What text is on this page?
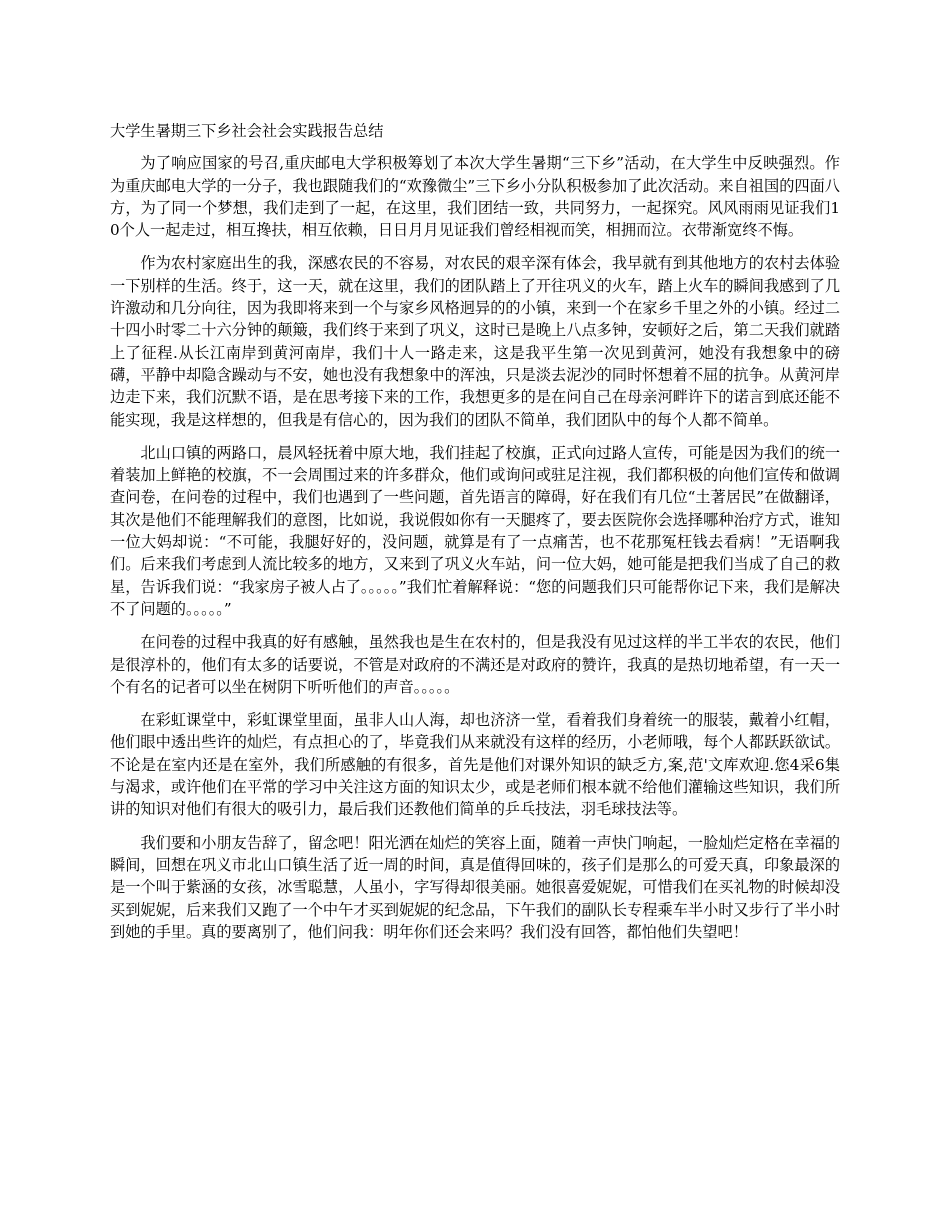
大学生暑期三下乡社会社会实践报告总结

为了响应国家的号召,重庆邮电大学积极筹划了本次大学生暑期“三下乡”活动，在大学生中反映强烈。作为重庆邮电大学的一分子，我也跟随我们的“欢豫微尘”三下乡小分队积极参加了此次活动。来自祖国的四面八方，为了同一个梦想，我们走到了一起，在这里，我们团结一致，共同努力，一起探究。风风雨雨见证我们10个人一起走过，相互搀扶，相互依赖，日日月月见证我们曾经相视而笑，相拥而泣。衣带渐宽终不悔。

作为农村家庭出生的我，深感农民的不容易，对农民的艰辛深有体会，我早就有到其他地方的农村去体验一下别样的生活。终于，这一天，就在这里，我们的团队踏上了开往巩义的火车，踏上火车的瞬间我感到了几许激动和几分向往，因为我即将来到一个与家乡风格迥异的的小镇，来到一个在家乡千里之外的小镇。经过二十四小时零二十六分钟的颠簸，我们终于来到了巩义，这时已是晚上八点多钟，安顿好之后，第二天我们就踏上了征程.从长江南岸到黄河南岸，我们十人一路走来，这是我平生第一次见到黄河，她没有我想象中的磅礴，平静中却隐含躁动与不安，她也没有我想象中的浑浊，只是淡去泥沙的同时怀想着不屈的抗争。从黄河岸边走下来，我们沉默不语，是在思考接下来的工作，我想更多的是在问自己在母亲河畔许下的诺言到底还能不能实现，我是这样想的，但我是有信心的，因为我们的团队不简单，我们团队中的每个人都不简单。

北山口镇的两路口，晨风轻抚着中原大地，我们挂起了校旗，正式向过路人宣传，可能是因为我们的统一着装加上鲜艳的校旗，不一会周围过来的许多群众，他们或询问或驻足注视，我们都积极的向他们宣传和做调查问卷，在问卷的过程中，我们也遇到了一些问题，首先语言的障碍，好在我们有几位“土著居民”在做翻译，其次是他们不能理解我们的意图，比如说，我说假如你有一天腿疼了，要去医院你会选择哪种治疗方式，谁知一位大妈却说：“不可能，我腿好好的，没问题，就算是有了一点痛苦，也不花那冤枉钱去看病！”无语啊我们。后来我们考虑到人流比较多的地方，又来到了巩义火车站，问一位大妈，她可能是把我们当成了自己的救星，告诉我们说：“我家房子被人占了。。。。。”我们忙着解释说：“您的问题我们只可能帮你记下来，我们是解决不了问题的。。。。。”

在问卷的过程中我真的好有感触，虽然我也是生在农村的，但是我没有见过这样的半工半农的农民，他们是很淳朴的，他们有太多的话要说，不管是对政府的不满还是对政府的赞许，我真的是热切地希望，有一天一个有名的记者可以坐在树阴下听听他们的声音。。。。。

在彩虹课堂中，彩虹课堂里面，虽非人山人海，却也济济一堂，看着我们身着统一的服装，戴着小红帽，他们眼中透出些许的灿烂，有点担心的了，毕竟我们从来就没有这样的经历，小老师哦，每个人都跃跃欲试。不论是在室内还是在室外，我们所感触的有很多，首先是他们对课外知识的缺乏方,案,范'文库欢迎.您4采6集与渴求，或许他们在平常的学习中关注这方面的知识太少，或是老师们根本就不给他们灌输这些知识，我们所讲的知识对他们有很大的吸引力，最后我们还教他们简单的乒乓技法，羽毛球技法等。

我们要和小朋友告辞了，留念吧！阳光洒在灿烂的笑容上面，随着一声快门响起，一脸灿烂定格在幸福的瞬间，回想在巩义市北山口镇生活了近一周的时间，真是值得回味的，孩子们是那么的可爱天真，印象最深的是一个叫于紫涵的女孩，冰雪聪慧，人虽小，字写得却很美丽。她很喜爱妮妮，可惜我们在买礼物的时候却没买到妮妮，后来我们又跑了一个中午才买到妮妮的纪念品，下午我们的副队长专程乘车半小时又步行了半小时到她的手里。真的要离别了，他们问我：明年你们还会来吗？我们没有回答，都怕他们失望吧！
